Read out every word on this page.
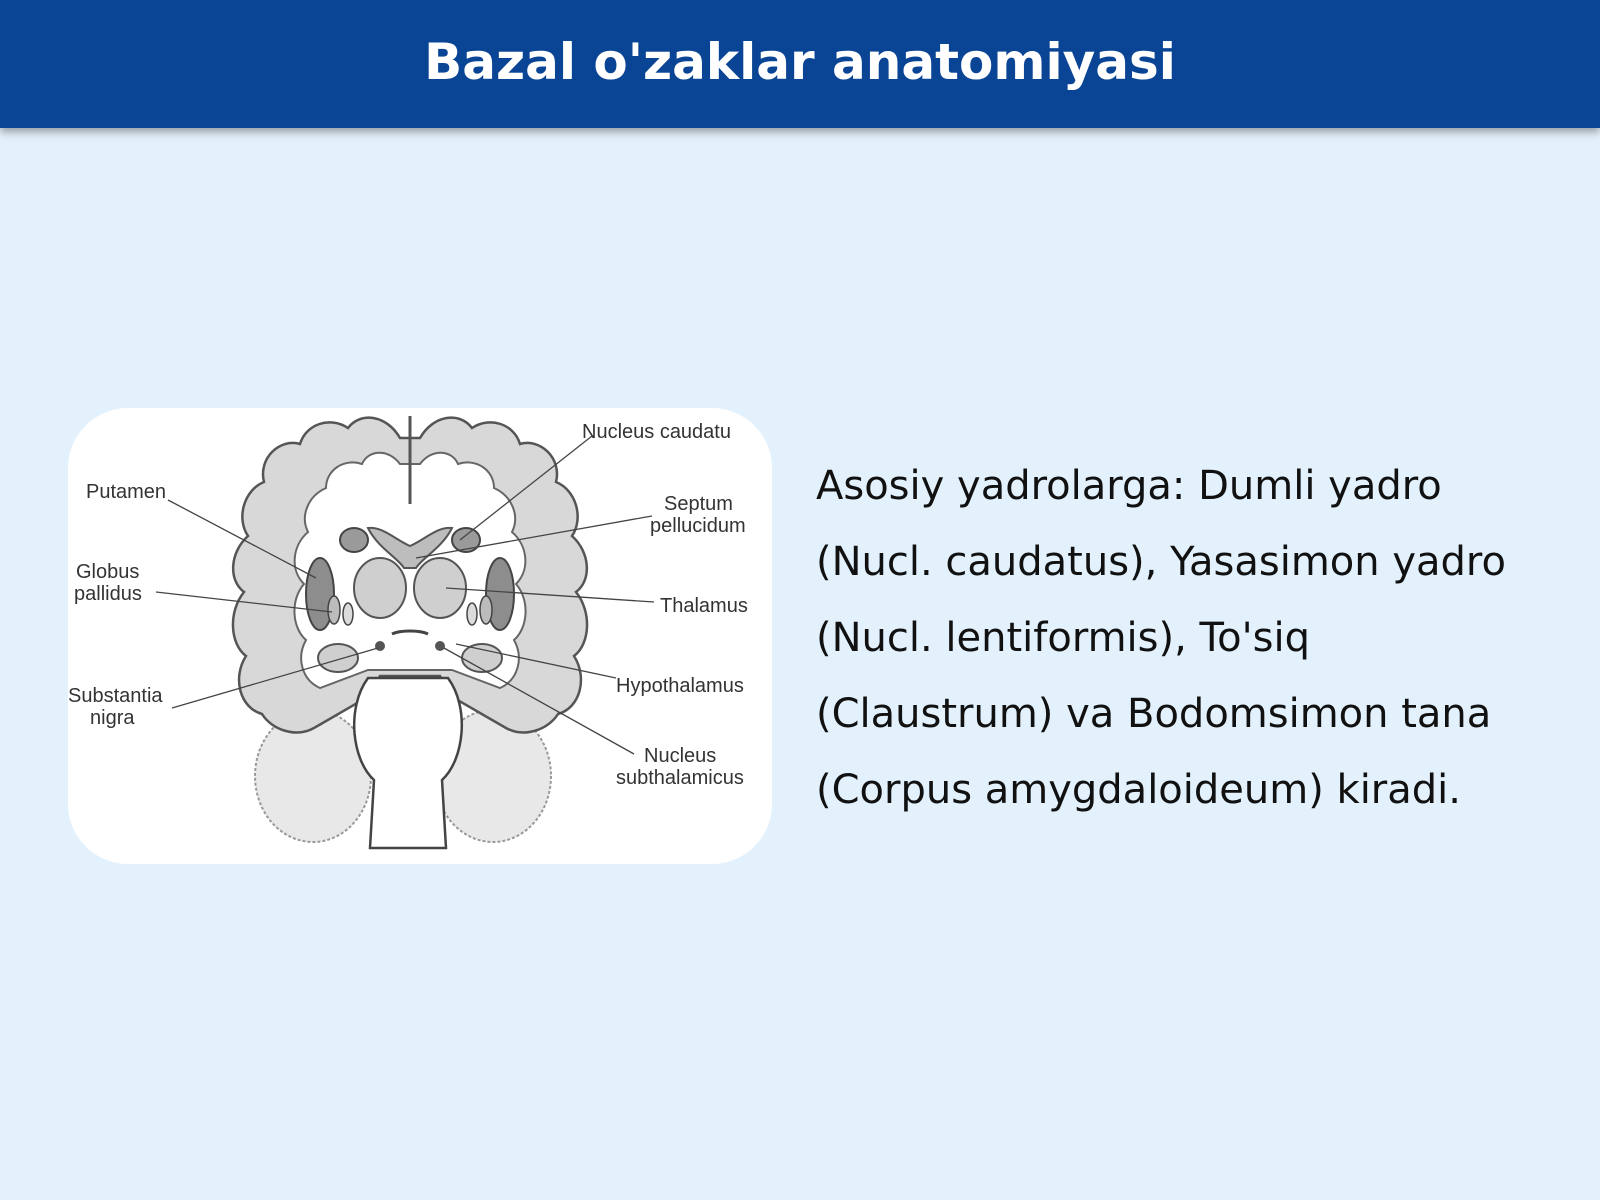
Bazal o'zaklar anatomiyasi
Nucleus caudatu
Putamen
Septum
pellucidum
Globus
pallidus
Thalamus
Hypothalamus
Substantia
nigra
Nucleus
subthalamicus
Asosiy yadrolarga: Dumli yadro (Nucl. caudatus), Yasasimon yadro (Nucl. lentiformis), To'siq (Claustrum) va Bodomsimon tana (Corpus amygdaloideum) kiradi.
